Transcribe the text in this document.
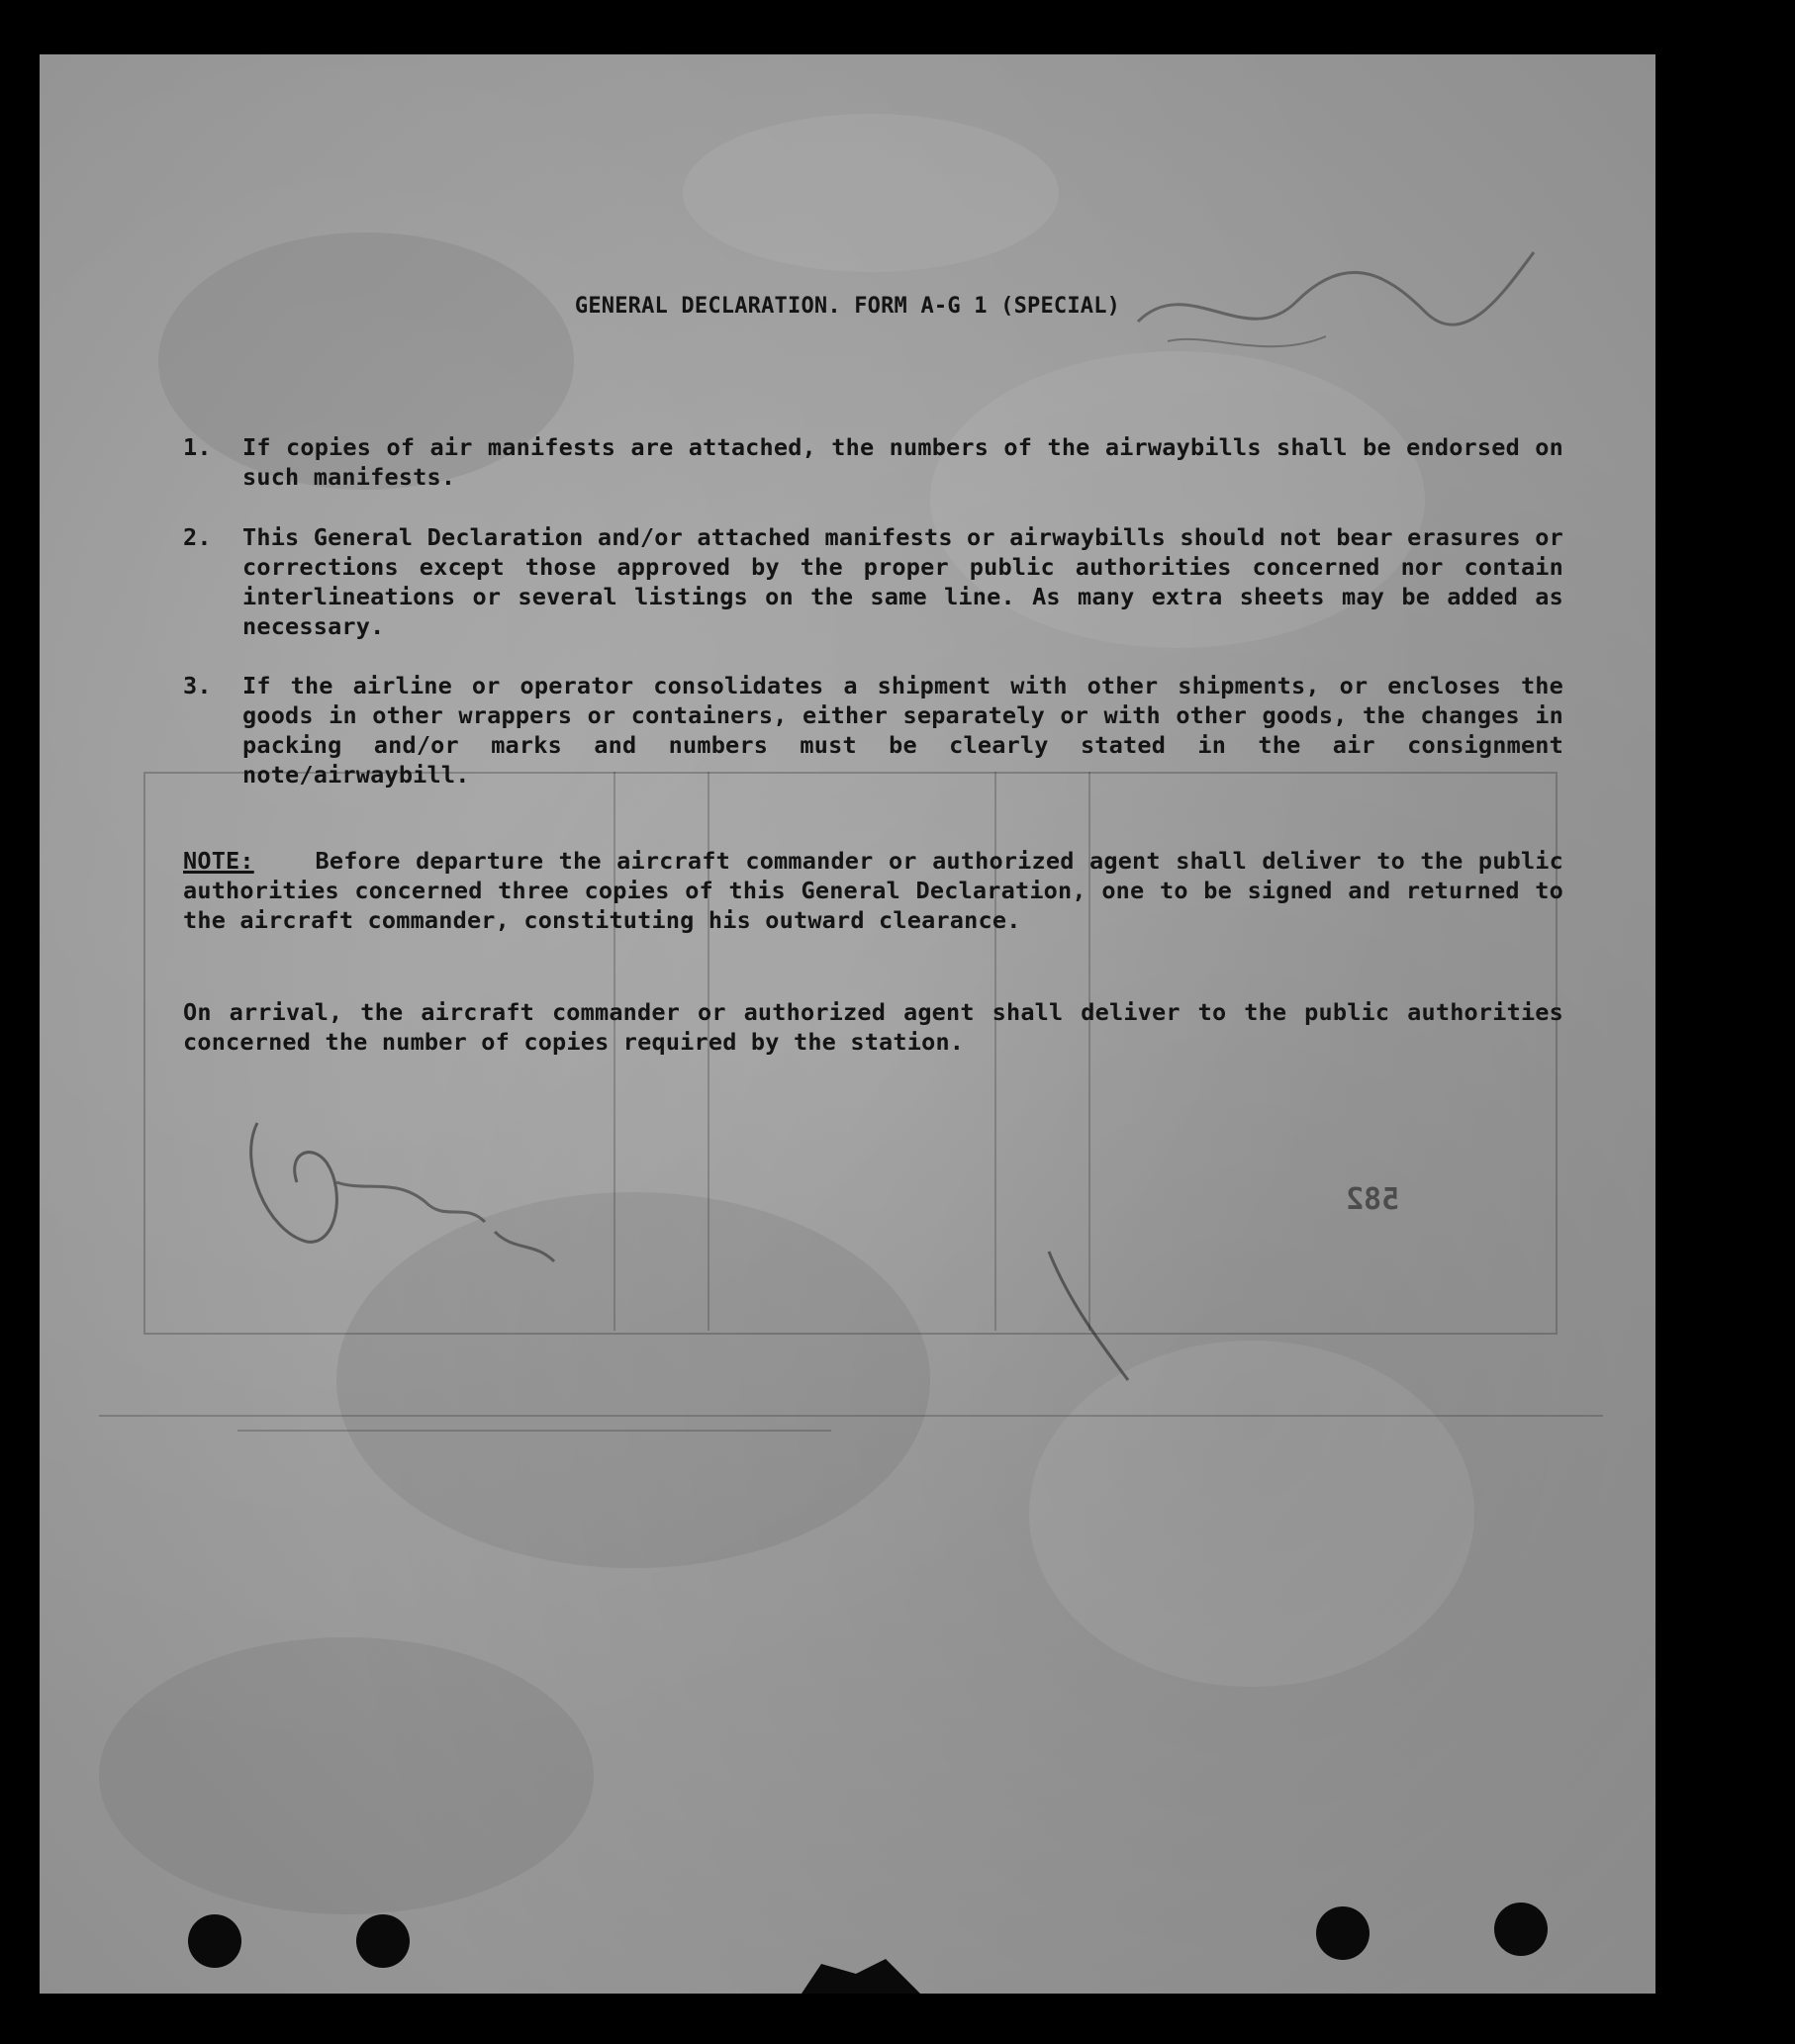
582
GENERAL DECLARATION. FORM A-G 1 (SPECIAL)
1. If copies of air manifests are attached, the numbers of the airwaybills shall be endorsed on such manifests.
2. This General Declaration and/or attached manifests or airwaybills should not bear erasures or corrections except those approved by the proper public authorities concerned nor contain interlineations or several listings on the same line. As many extra sheets may be added as necessary.
3. If the airline or operator consolidates a shipment with other shipments, or encloses the goods in other wrappers or containers, either separately or with other goods, the changes in packing and/or marks and numbers must be clearly stated in the air consignment note/airwaybill.
NOTE:	Before departure the aircraft commander or authorized agent shall deliver to the public authorities concerned three copies of this General Declaration, one to be signed and returned to the aircraft commander, constituting his outward clearance.
On arrival, the aircraft commander or authorized agent shall deliver to the public authorities concerned the number of copies required by the station.
